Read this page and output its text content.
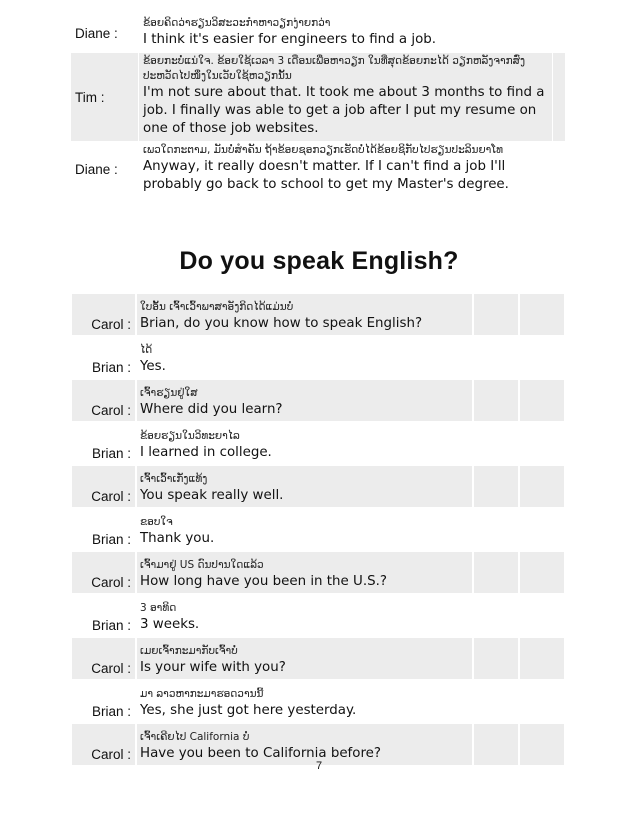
Diane :	ຂ້ອຍຄິດວ່າຮຽນວິສະວະກຳຫາວຽກງ່າຍກວ່າ
I think it's easier for engineers to find a job.	

Tim :	ຂ້ອຍກະບໍ່ແນ່ໃຈ. ຂ້ອຍໃຊ້ເວລາ 3 ເດືອນເພື່ອຫາວຽກ ໃນທີ່ສຸດຂ້ອຍກະໄດ້ ວຽກຫລັງຈາກສົ່ງປະຫວັດໄປໜຶ່ງໃນເວັບໃຊ້ຫວຽກນັ້ນ
I'm not sure about that. It took me about 3 months to find a job. I finally was able to get a job after I put my resume on one of those job websites.	

Diane :	ເພວໃດກະຕາມ, ມັນບໍ່ສຳຄັນ ຖ້າຂ້ອຍຊອກວຽກເຮັດບໍ່ໄດ້ຂ້ອຍຊິກັບໄປຮຽນປະລິນຍາໂທ
Anyway, it really doesn't matter. If I can't find a job I'll probably go back to school to get my Master's degree.	

Do you speak English?
Carol :	ໃບອັ້ນ ເຈົ້າເວົ້າພາສາອັງກິດໄດ້ແມ່ນບໍ່
Brian, do you know how to speak English?		

Brian :	ໄດ້
Yes.		

Carol :	ເຈົ້າຮຽນຢູ່ໃສ
Where did you learn?		

Brian :	ຂ້ອຍຮຽນໃນວິທະຍາໄລ
I learned in college.		

Carol :	ເຈົ້າເວົ້າເກັ່ງແທ້ງ
You speak really well.		

Brian :	ຂອບໃຈ
Thank you.		

Carol :	ເຈົ້າມາຢູ່ US ດົນປານໃດແລ້ວ
How long have you been in the U.S.?		

Brian :	3 ອາທິດ
3 weeks.		

Carol :	ເມຍເຈົ້າກະມາກັບເຈົ້າບໍ່
Is your wife with you?		

Brian :	ມາ ລາວຫາກະມາຮອດວານນີ້
Yes, she just got here yesterday.		

Carol :	ເຈົ້າເຄີຍໄປ California ບໍ່
Have you been to California before?		

7
